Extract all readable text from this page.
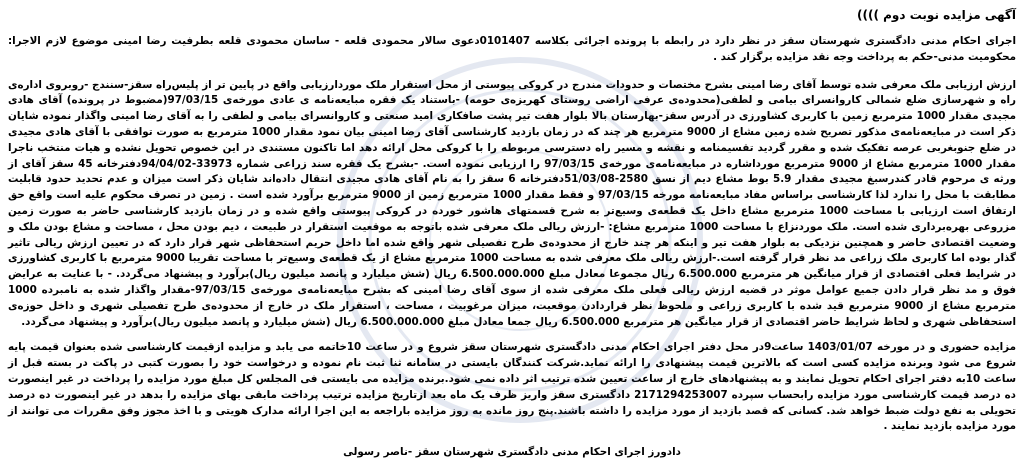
آگهی مزایده نوبت دوم ))))
اجرای احکام مدنی دادگستری شهرستان سقز در نظر دارد در رابطه با پرونده اجرائی بکلاسه 0101407دعوی سالار محمودی قلعه - ساسان محمودی قلعه بطرفیت رضا امینی موضوع لازم الاجرا: محکومیت مدنی-حکم به پرداخت وجه نقد مزایده برگزار کند .
ارزش ارزیابی ملک معرفی شده توسط آقای رضا امینی بشرح مختصات و حدودات مندرج در کروکی پیوستی از محل استقرار ملک موردارزیابی واقع در پایین تر از پلیس‌راه سقز-سنندج -روبروی اداره‌ی راه و شهرسازی ضلع شمالی کاروانسرای بیامی و لطفی(محدوده‌ی عرفی اراضی روستای کهریزه‌ی حومه) -باستناد یک فقره مبایعه‌نامه ی عادی مورخه‌ی 97/03/15(مضبوط در پرونده) آقای هادی مجیدی مقدار 1000 مترمربع زمین با کاربری کشاورزی در آدرس سقز-بهارستان بالا بلوار هفت تیر پشت صافکاری امید صنعتی و کاروانسرای بیامی و لطفی را به آقای رضا امینی واگذار نموده شایان ذکر است در مبایعه‌نامه‌ی مذکور تصریح شده زمین مشاع از 9000 مترمربع هر چند که در زمان بازدید کارشناسی آقای رضا امینی بیان نمود مقدار 1000 مترمربع به صورت توافقی با آقای هادی مجیدی در ضلع جنوبغربی عرصه تفکیک شده و مقرر گردید تقسیمنامه و نقشه و مسیر راه دسترسی مربوطه را با کروکی محل ارائه دهد اما تاکنون مستندی در این خصوص تحویل نشده و هیات منتخب ناجرا مقدار 1000 مترمربع مشاع از 9000 مترمربع مورداشاره در مبایعه‌نامه‌ی مورخه‌ی 97/03/15 را ارزیابی نموده است. -بشرح یک فقره سند زراعی شماره 33973-94/04/02دفترخانه 45 سقز آقای از ورثه ی مرحوم قادر کندرسبغ مجیدی مقدار 5.9 بوط مشاع دیم از نسق 2580-51/03/08دفترخانه 6 سقز را به نام آقای هادی مجیدی انتقال داده‌اند شایان ذکر است میزان و عدم تحدید حدود قابلیت مطابقت با محل را ندارد لذا کارشناسی براساس مفاد مبایعه‌نامه مورخه 97/03/15 و فقط مقدار 1000 مترمربع زمین از 9000 مترمربع برآورد شده است . زمین در تصرف محکوم علیه است واقع حق ارتفاق است ارزیابی با مساحت 1000 مترمربع مشاع داخل یک قطعه‌ی وسیع‌تر به شرح قسمتهای هاشور خورده در کروکی پیوستی واقع شده و در زمان بازدید کارشناسی حاضر به صورت زمین مزروعی بهره‌برداری شده است. ملک موردنزاع با مساحت 1000 مترمربع مشاع: -ارزش ریالی ملک معرفی شده باتوجه به موقعیت استقرار در طبیعت ، دیم بودن محل ، مساحت و مشاع بودن ملک و وضعیت اقتصادی حاضر و همچنین نزدیکی به بلوار هفت تیر و اینکه هر چند خارج از محدوده‌ی طرح تفصیلی شهر واقع شده اما داخل حریم استحفاظی شهر قرار دارد که در تعیین ارزش ریالی تاثیر گذار بوده اما کاربری ملک زراعی مد نظر قرار گرفته است.-ارزش ریالی ملک معرفی شده به مساحت 1000 مترمربع مشاع از یک قطعه‌ی وسیع‌تر با مساحت تقریبا 9000 مترمربع با کاربری کشاورزی در شرایط فعلی اقتصادی از قرار میانگین هر مترمربع 6.500.000 ریال مجموعا معادل مبلغ 6.500.000.000 ریال (شش میلیارد و پانصد میلیون ریال)برآورد و پیشنهاد می‌گردد. - با عنایت به عرایض فوق و مد نظر قرار دادن جمیع عوامل موثر در قضیه ارزش ریالی فعلی ملک معرفی شده از سوی آقای رضا امینی که بشرح مبایعه‌نامه‌ی مورخه‌ی 97/03/15-مقدار واگذار شده به نامبرده 1000 مترمربع مشاع از 9000 مترمربع قید شده با کاربری زراعی و ملحوظ نظر قراردادن موقعیت، میزان مرغوبیت ، مساحت ، استقرار ملک در خارج از محدوده‌ی طرح تفصیلی شهری و داخل حوزه‌ی استحفاظی شهری و لحاظ شرایط حاضر اقتصادی از قرار میانگین هر مترمربع 6.500.000 ریال جمعا معادل مبلغ 6.500.000.000 ریال (شش میلیارد و پانصد میلیون ریال)برآورد و پیشنهاد می‌گردد.
مزایده حضوری و در مورخه 1403/01/07 ساعت9در محل دفتر اجرای احکام مدنی دادگستری شهرستان سقز شروع و در ساعت 10خاتمه می یابد و مزایده ازقیمت کارشناسی شده بعنوان قیمت پایه شروع می شود وبرنده مزایده کسی است که بالاترین قیمت پیشنهادی را ارائه نماید.شرکت کنندگان بایستی در سامانه ثنا ثبت نام نموده و درخواست خود را بصورت کتبی در پاکت در بسته قبل از ساعت 10به دفتر اجرای احکام تحویل نمایند و به پیشنهادهای خارج از ساعت تعیین شده ترتیب اثر داده نمی شود.برنده مزایده می بایستی فی المجلس کل مبلغ مورد مزایده را پرداخت در غیر اینصورت ده درصد قیمت کارشناسی مورد مزایده رابحساب سپرده 2171294253007 دادگستری سقز واریز ظرف یک ماه بعد ازتاریخ مزایده ترتیب پرداخت مابقی بهای مزایده را بدهد در غیر اینصورت ده درصد تحویلی به نفع دولت ضبط خواهد شد. کسانی که قصد بازدید از مورد مزایده را داشته باشند.پنج روز مانده به روز مزایده باراجعه به این اجرا ارائه مدارک هویتی و با اخذ مجوز وفق مقررات می توانند از مورد مزایده بازدید نمایند .
دادورز اجرای احکام مدنی دادگستری شهرستان سقز -ناصر رسولی
